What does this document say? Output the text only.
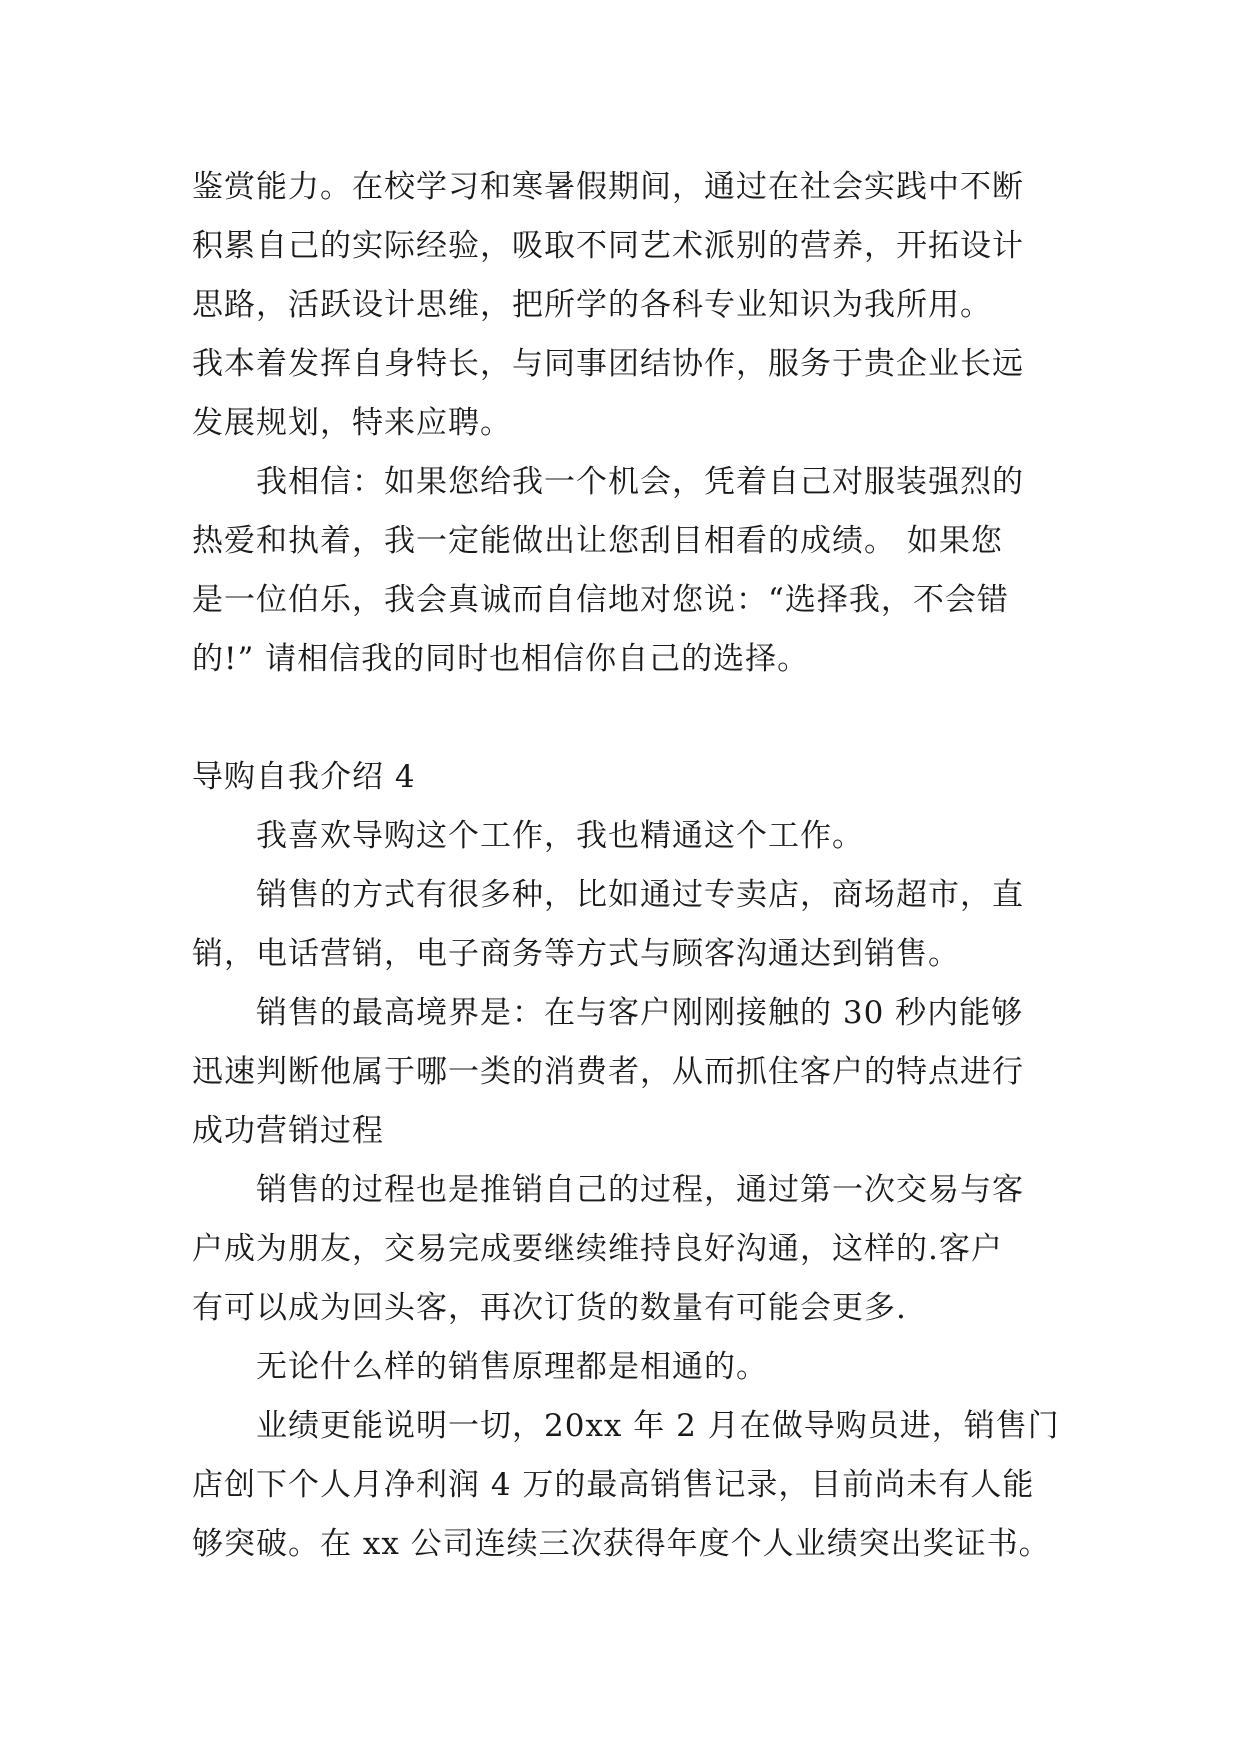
鉴赏能力。在校学习和寒暑假期间，通过在社会实践中不断
积累自己的实际经验，吸取不同艺术派别的营养，开拓设计
思路，活跃设计思维，把所学的各科专业知识为我所用。
我本着发挥自身特长，与同事团结协作，服务于贵企业长远
发展规划，特来应聘。
我相信：如果您给我一个机会，凭着自己对服装强烈的
热爱和执着，我一定能做出让您刮目相看的成绩。 如果您
是一位伯乐，我会真诚而自信地对您说：“选择我，不会错
的!” 请相信我的同时也相信你自己的选择。
导购自我介绍 4
我喜欢导购这个工作，我也精通这个工作。
销售的方式有很多种，比如通过专卖店，商场超市，直
销，电话营销，电子商务等方式与顾客沟通达到销售。
销售的最高境界是：在与客户刚刚接触的 30 秒内能够
迅速判断他属于哪一类的消费者，从而抓住客户的特点进行
成功营销过程
销售的过程也是推销自己的过程，通过第一次交易与客
户成为朋友，交易完成要继续维持良好沟通，这样的.客户
有可以成为回头客，再次订货的数量有可能会更多.
无论什么样的销售原理都是相通的。
业绩更能说明一切，20xx 年 2 月在做导购员进，销售门
店创下个人月净利润 4 万的最高销售记录，目前尚未有人能
够突破。在 xx 公司连续三次获得年度个人业绩突出奖证书。
